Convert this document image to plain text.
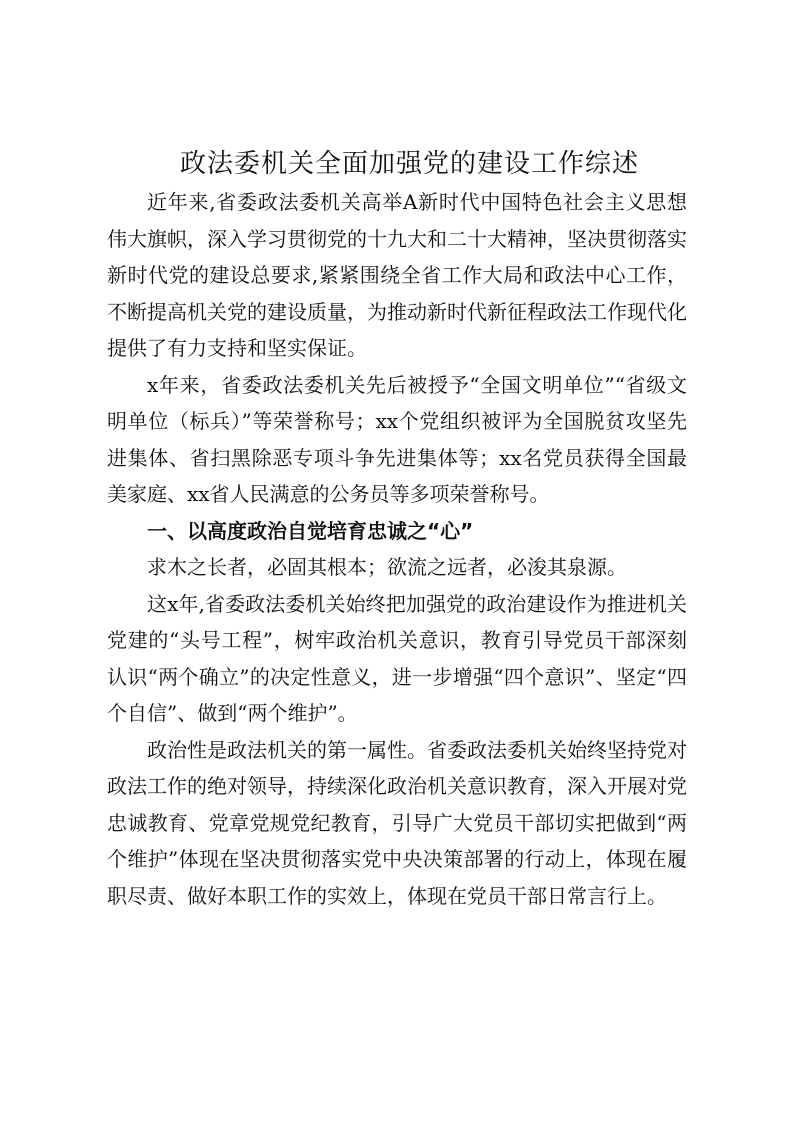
政法委机关全面加强党的建设工作综述

近年来,省委政法委机关高举A新时代中国特色社会主义思想伟大旗帜，深入学习贯彻党的十九大和二十大精神，坚决贯彻落实新时代党的建设总要求,紧紧围绕全省工作大局和政法中心工作，不断提高机关党的建设质量，为推动新时代新征程政法工作现代化提供了有力支持和坚实保证。

x年来，省委政法委机关先后被授予“全国文明单位”“省级文明单位（标兵）”等荣誉称号；xx个党组织被评为全国脱贫攻坚先进集体、省扫黑除恶专项斗争先进集体等；xx名党员获得全国最美家庭、xx省人民满意的公务员等多项荣誉称号。

一、以高度政治自觉培育忠诚之“心”

求木之长者，必固其根本；欲流之远者，必浚其泉源。

这x年,省委政法委机关始终把加强党的政治建设作为推进机关党建的“头号工程”，树牢政治机关意识，教育引导党员干部深刻认识“两个确立”的决定性意义，进一步增强“四个意识”、坚定“四个自信”、做到“两个维护”。

政治性是政法机关的第一属性。省委政法委机关始终坚持党对政法工作的绝对领导，持续深化政治机关意识教育，深入开展对党忠诚教育、党章党规党纪教育，引导广大党员干部切实把做到“两个维护”体现在坚决贯彻落实党中央决策部署的行动上，体现在履职尽责、做好本职工作的实效上，体现在党员干部日常言行上。
